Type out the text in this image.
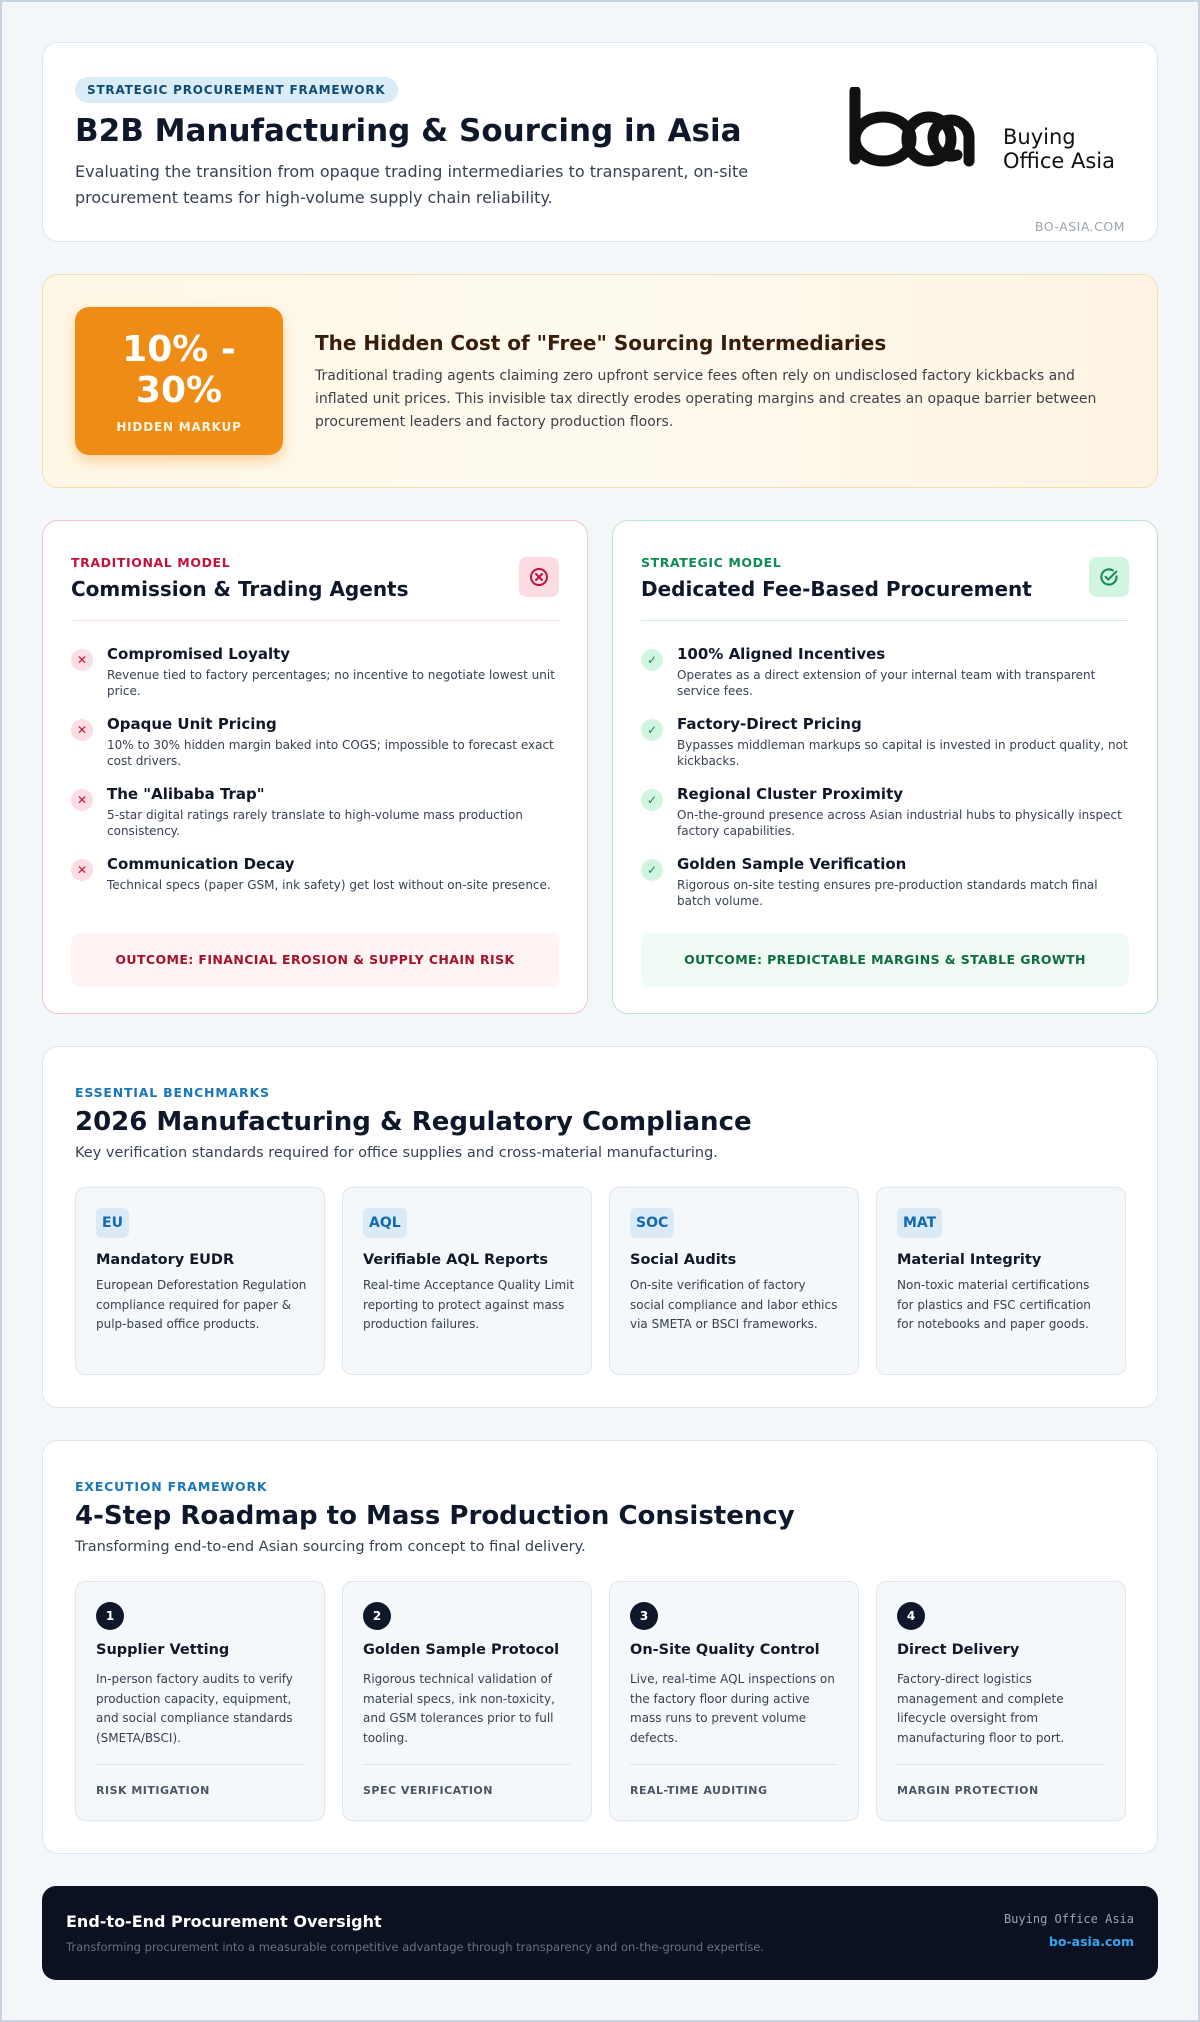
STRATEGIC PROCUREMENT FRAMEWORK
B2B Manufacturing & Sourcing in Asia
Evaluating the transition from opaque trading intermediaries to transparent, on-site procurement teams for high-volume supply chain reliability.
Buying
Office Asia
BO-ASIA.COM
10% - 30%
HIDDEN MARKUP
The Hidden Cost of "Free" Sourcing Intermediaries
Traditional trading agents claiming zero upfront service fees often rely on undisclosed factory kickbacks and inflated unit prices. This invisible tax directly erodes operating margins and creates an opaque barrier between procurement leaders and factory production floors.
TRADITIONAL MODEL
Commission & Trading Agents
✕	Compromised Loyalty
Revenue tied to factory percentages; no incentive to negotiate lowest unit price.
✕	Opaque Unit Pricing
10% to 30% hidden margin baked into COGS; impossible to forecast exact cost drivers.
✕	The "Alibaba Trap"
5-star digital ratings rarely translate to high-volume mass production consistency.
✕	Communication Decay
Technical specs (paper GSM, ink safety) get lost without on-site presence.
OUTCOME: FINANCIAL EROSION & SUPPLY CHAIN RISK
STRATEGIC MODEL
Dedicated Fee-Based Procurement
✓	100% Aligned Incentives
Operates as a direct extension of your internal team with transparent service fees.
✓	Factory-Direct Pricing
Bypasses middleman markups so capital is invested in product quality, not kickbacks.
✓	Regional Cluster Proximity
On-the-ground presence across Asian industrial hubs to physically inspect factory capabilities.
✓	Golden Sample Verification
Rigorous on-site testing ensures pre-production standards match final batch volume.
OUTCOME: PREDICTABLE MARGINS & STABLE GROWTH
ESSENTIAL BENCHMARKS
2026 Manufacturing & Regulatory Compliance
Key verification standards required for office supplies and cross-material manufacturing.
EU
Mandatory EUDR
European Deforestation Regulation compliance required for paper & pulp-based office products.
AQL
Verifiable AQL Reports
Real-time Acceptance Quality Limit reporting to protect against mass production failures.
SOC
Social Audits
On-site verification of factory social compliance and labor ethics via SMETA or BSCI frameworks.
MAT
Material Integrity
Non-toxic material certifications for plastics and FSC certification for notebooks and paper goods.
EXECUTION FRAMEWORK
4-Step Roadmap to Mass Production Consistency
Transforming end-to-end Asian sourcing from concept to final delivery.
1
Supplier Vetting
In-person factory audits to verify production capacity, equipment, and social compliance standards (SMETA/BSCI).
RISK MITIGATION
2
Golden Sample Protocol
Rigorous technical validation of material specs, ink non-toxicity, and GSM tolerances prior to full tooling.
SPEC VERIFICATION
3
On-Site Quality Control
Live, real-time AQL inspections on the factory floor during active mass runs to prevent volume defects.
REAL-TIME AUDITING
4
Direct Delivery
Factory-direct logistics management and complete lifecycle oversight from manufacturing floor to port.
MARGIN PROTECTION
End-to-End Procurement Oversight
Transforming procurement into a measurable competitive advantage through transparency and on-the-ground expertise.
Buying Office Asia
bo-asia.com
